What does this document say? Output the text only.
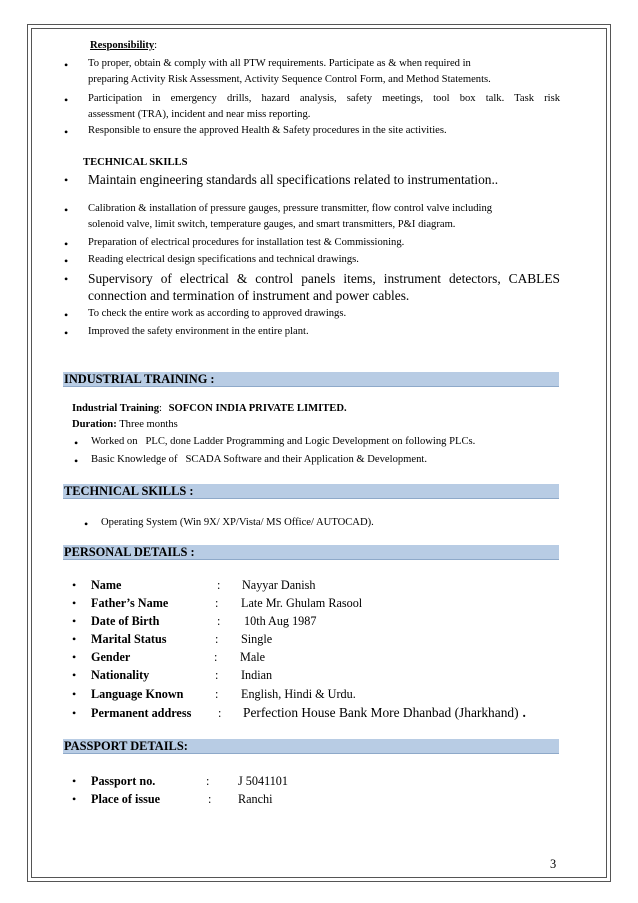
Responsibility:
• To proper, obtain & comply with all PTW requirements. Participate as & when required in
preparing Activity Risk Assessment, Activity Sequence Control Form, and Method Statements.
• Participation in emergency drills, hazard analysis, safety meetings, tool box talk. Task risk
assessment (TRA), incident and near miss reporting.
• Responsible to ensure the approved Health & Safety procedures in the site activities.
TECHNICAL SKILLS
• Maintain engineering standards all specifications related to instrumentation..
• Calibration & installation of pressure gauges, pressure transmitter, flow control valve including
solenoid valve, limit switch, temperature gauges, and smart transmitters, P&I diagram.
• Preparation of electrical procedures for installation test & Commissioning.
• Reading electrical design specifications and technical drawings.
• Supervisory of electrical & control panels items, instrument detectors, CABLES
connection and termination of instrument and power cables.
• To check the entire work as according to approved drawings.
• Improved the safety environment in the entire plant.
INDUSTRIAL TRAINING :
Industrial Training: SOFCON INDIA PRIVATE LIMITED.
Duration: Three months
• Worked on   PLC, done Ladder Programming and Logic Development on following PLCs.
• Basic Knowledge of   SCADA Software and their Application & Development.
TECHNICAL SKILLS :
• Operating System (Win 9X/ XP/Vista/ MS Office/ AUTOCAD).
PERSONAL DETAILS :
• Name	: Nayyar Danish
• Father’s Name	: Late Mr. Ghulam Rasool
• Date of Birth	: 10th Aug 1987
• Marital Status	: Single
• Gender	: Male
• Nationality	: Indian
• Language Known	: English, Hindi & Urdu.
• Permanent address : Perfection House Bank More Dhanbad (Jharkhand) .
PASSPORT DETAILS:
• Passport no.	: J 5041101
• Place of issue	: Ranchi
3
